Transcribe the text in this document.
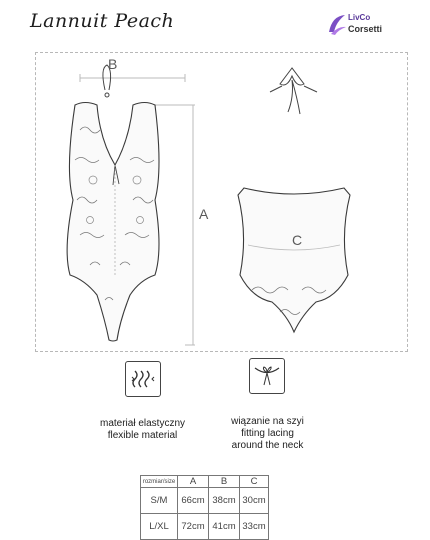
Lannuit Peach	LivCo
Corsetti
B
A
C
materiał elastyczny
flexible material
wiązanie na szyi
fitting lacing
around the neck
rozmiar/size	A	B	C
S/M	66cm	38cm	30cm
L/XL	72cm	41cm	33cm
